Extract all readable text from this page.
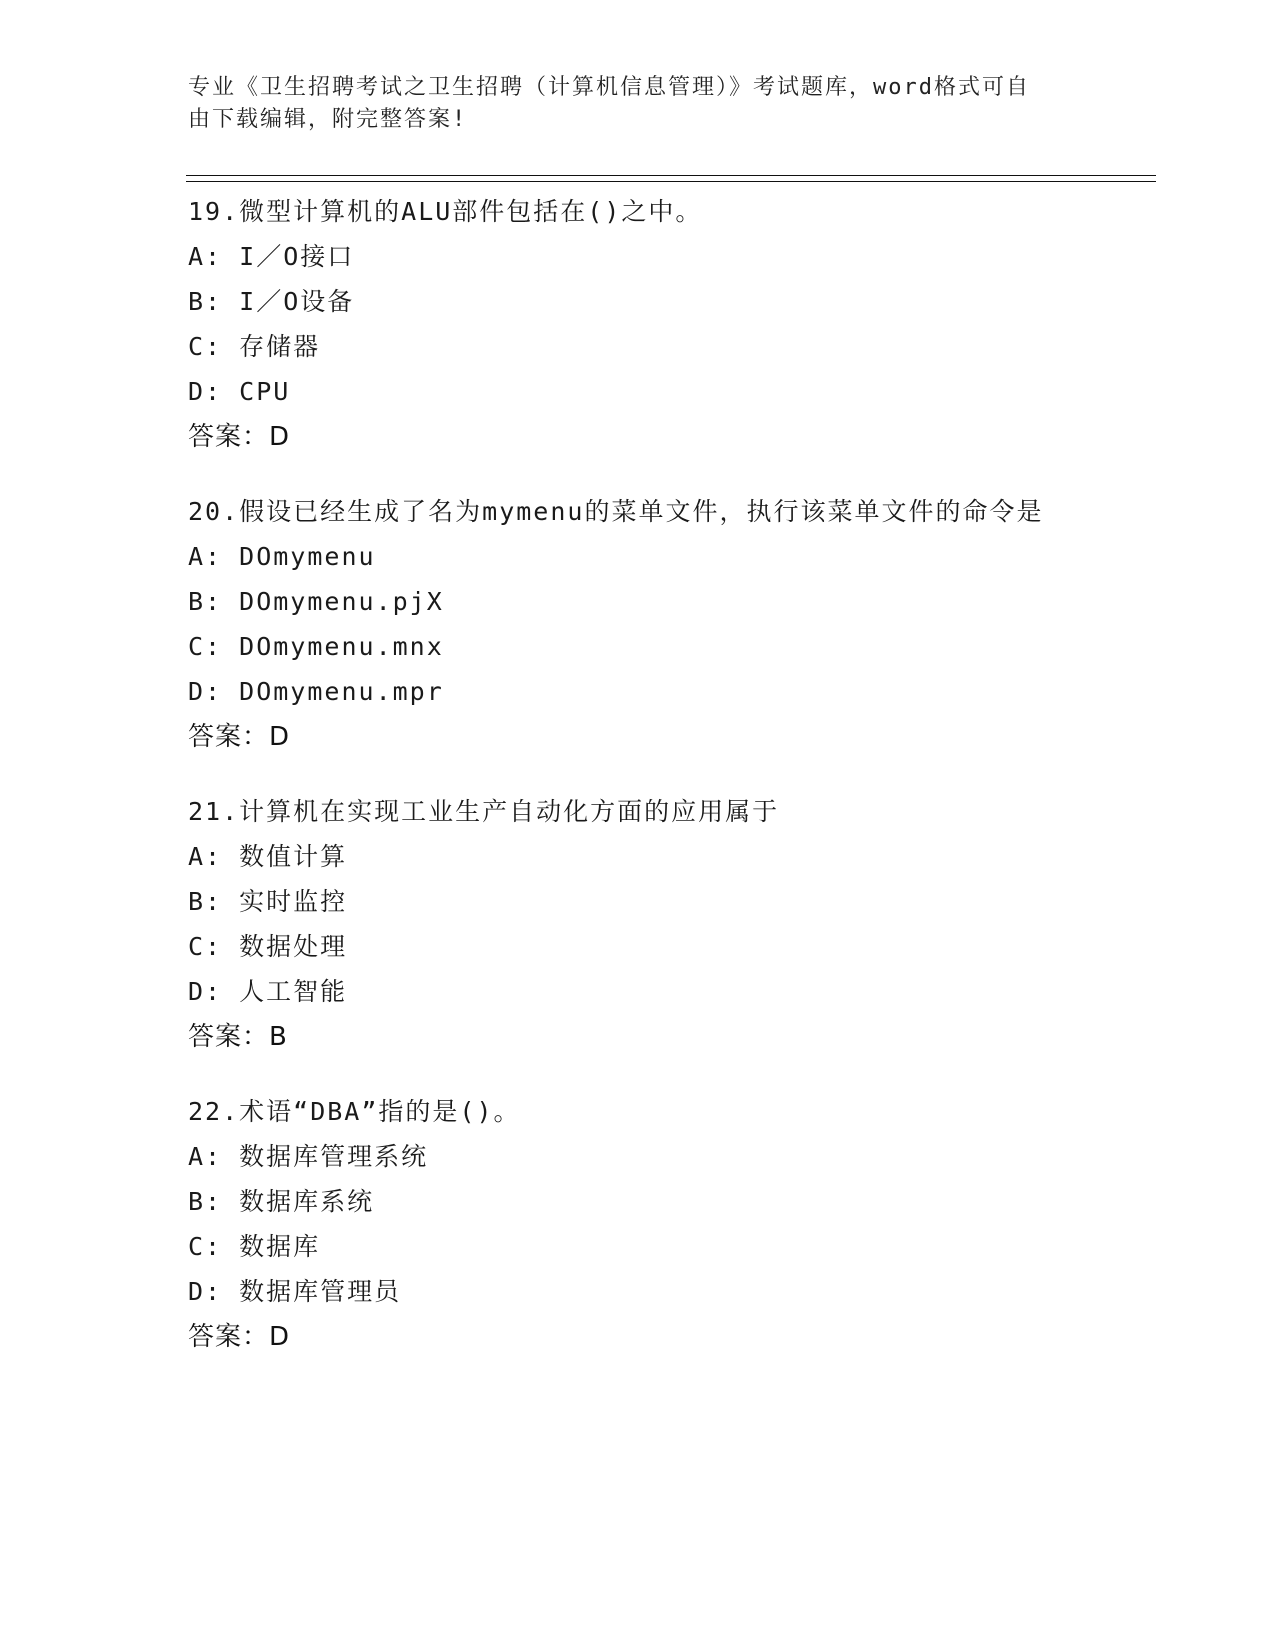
专业《卫生招聘考试之卫生招聘（计算机信息管理）》考试题库，word格式可自
由下载编辑，附完整答案!
19.微型计算机的ALU部件包括在()之中。
A: I／O接口
B: I／O设备
C: 存储器
D: CPU
答案：D
20.假设已经生成了名为mymenu的菜单文件，执行该菜单文件的命令是
A: DOmymenu
B: DOmymenu.pjX
C: DOmymenu.mnx
D: DOmymenu.mpr
答案：D
21.计算机在实现工业生产自动化方面的应用属于
A: 数值计算
B: 实时监控
C: 数据处理
D: 人工智能
答案：B
22.术语“DBA”指的是()。
A: 数据库管理系统
B: 数据库系统
C: 数据库
D: 数据库管理员
答案：D
